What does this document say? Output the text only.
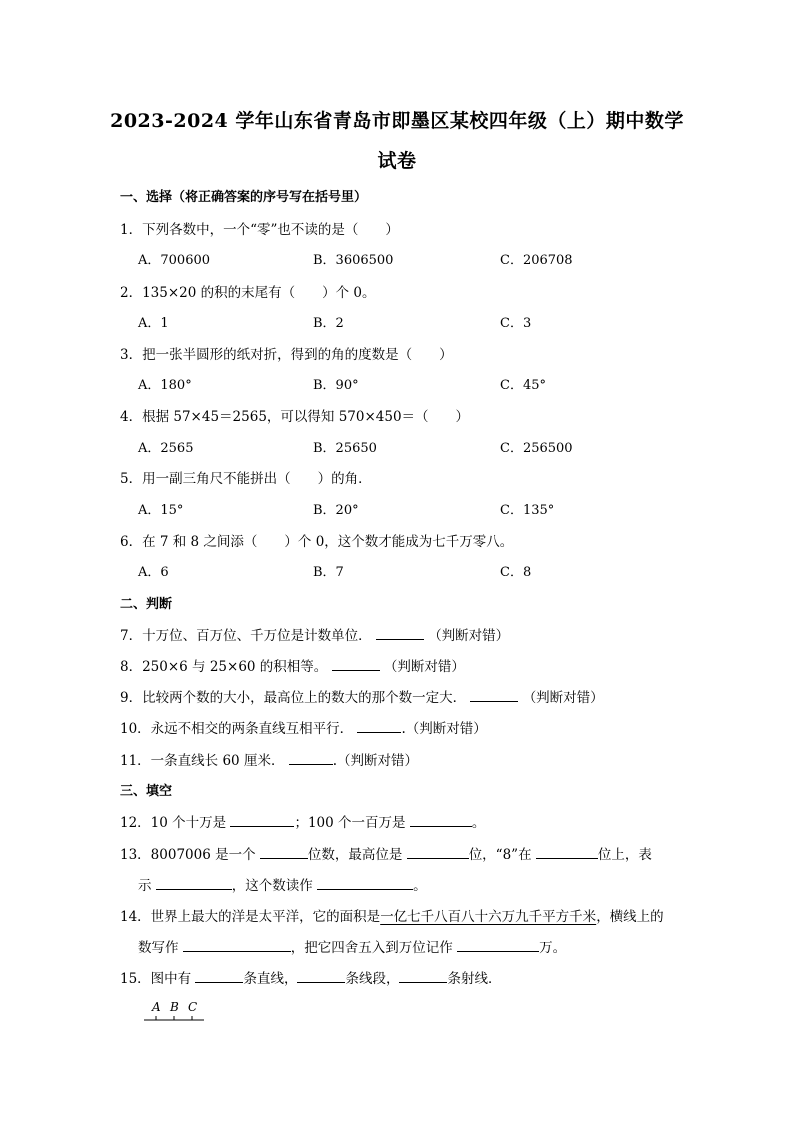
2023-2024 学年山东省青岛市即墨区某校四年级（上）期中数学
试卷
一、选择（将正确答案的序号写在括号里）
1．下列各数中，一个“零”也不读的是（　　）
A．700600	B．3606500	C．206708
2．135×20 的积的末尾有（　　）个 0。
A．1	B．2	C．3
3．把一张半圆形的纸对折，得到的角的度数是（　　）
A．180°	B．90°	C．45°
4．根据 57×45＝2565，可以得知 570×450＝（　　）
A．2565	B．25650	C．256500
5．用一副三角尺不能拼出（　　）的角．
A．15°	B．20°	C．135°
6．在 7 和 8 之间添（　　）个 0，这个数才能成为七千万零八。
A．6	B．7	C．8
二、判断
7．十万位、百万位、千万位是计数单位．	（判断对错）
8．250×6 与 25×60 的积相等。	（判断对错）
9．比较两个数的大小，最高位上的数大的那个数一定大．	（判断对错）
10．永远不相交的两条直线互相平行．	.（判断对错）
11．一条直线长 60 厘米．	.（判断对错）
三、填空
12．10 个十万是	；100 个一百万是	。
13．8007006 是一个	位数，最高位是	位，“8”在	位上，表
示	，这个数读作	。
14．世界上最大的洋是太平洋，它的面积是一亿七千八百八十六万九千平方千米，横线上的
数写作	，把它四舍五入到万位记作	万。
15．图中有	条直线，	条线段，	条射线．
A B C
